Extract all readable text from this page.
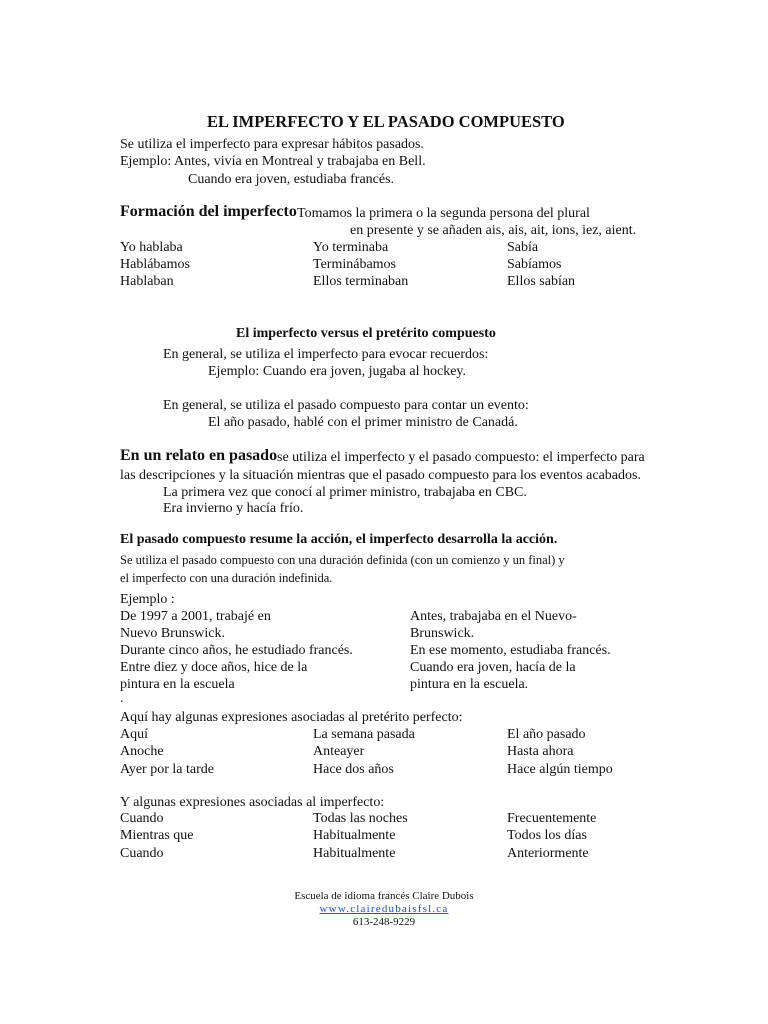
EL IMPERFECTO Y EL PASADO COMPUESTO
Se utiliza el imperfecto para expresar hábitos pasados.
Ejemplo: Antes, vivía en Montreal y trabajaba en Bell.
Cuando era joven, estudiaba francés.
Formación del imperfecto Tomamos la primera o la segunda persona del plural
en presente y se añaden ais, ais, ait, ions, iez, aient.
Yo hablaba
Hablábamos
Hablaban
Yo terminaba
Terminábamos
Ellos terminaban
Sabía
Sabíamos
Ellos sabían
El imperfecto versus el pretérito compuesto
En general, se utiliza el imperfecto para evocar recuerdos:
Ejemplo: Cuando era joven, jugaba al hockey.
En general, se utiliza el pasado compuesto para contar un evento:
El año pasado, hablé con el primer ministro de Canadá.
En un relato en pasado se utiliza el imperfecto y el pasado compuesto: el imperfecto para
las descripciones y la situación mientras que el pasado compuesto para los eventos acabados.
La primera vez que conocí al primer ministro, trabajaba en CBC.
Era invierno y hacía frío.
El pasado compuesto resume la acción, el imperfecto desarrolla la acción.
Se utiliza el pasado compuesto con una duración definida (con un comienzo y un final) y
el imperfecto con una duración indefinida.
Ejemplo :
De 1997 a 2001, trabajé en
Nuevo Brunswick.
Durante cinco años, he estudiado francés.
Entre diez y doce años, hice de la
pintura en la escuela
Antes, trabajaba en el Nuevo-
Brunswick.
En ese momento, estudiaba francés.
Cuando era joven, hacía de la
pintura en la escuela.
.
Aquí hay algunas expresiones asociadas al pretérito perfecto:
Aquí
Anoche
Ayer por la tarde
La semana pasada
Anteayer
Hace dos años
El año pasado
Hasta ahora
Hace algún tiempo
Y algunas expresiones asociadas al imperfecto:
Cuando
Mientras que
Cuando
Todas las noches
Habitualmente
Habitualmente
Frecuentemente
Todos los días
Anteriormente
Escuela de idioma francés Claire Dubois
www.clairedubaisfsl.ca
613-248-9229
